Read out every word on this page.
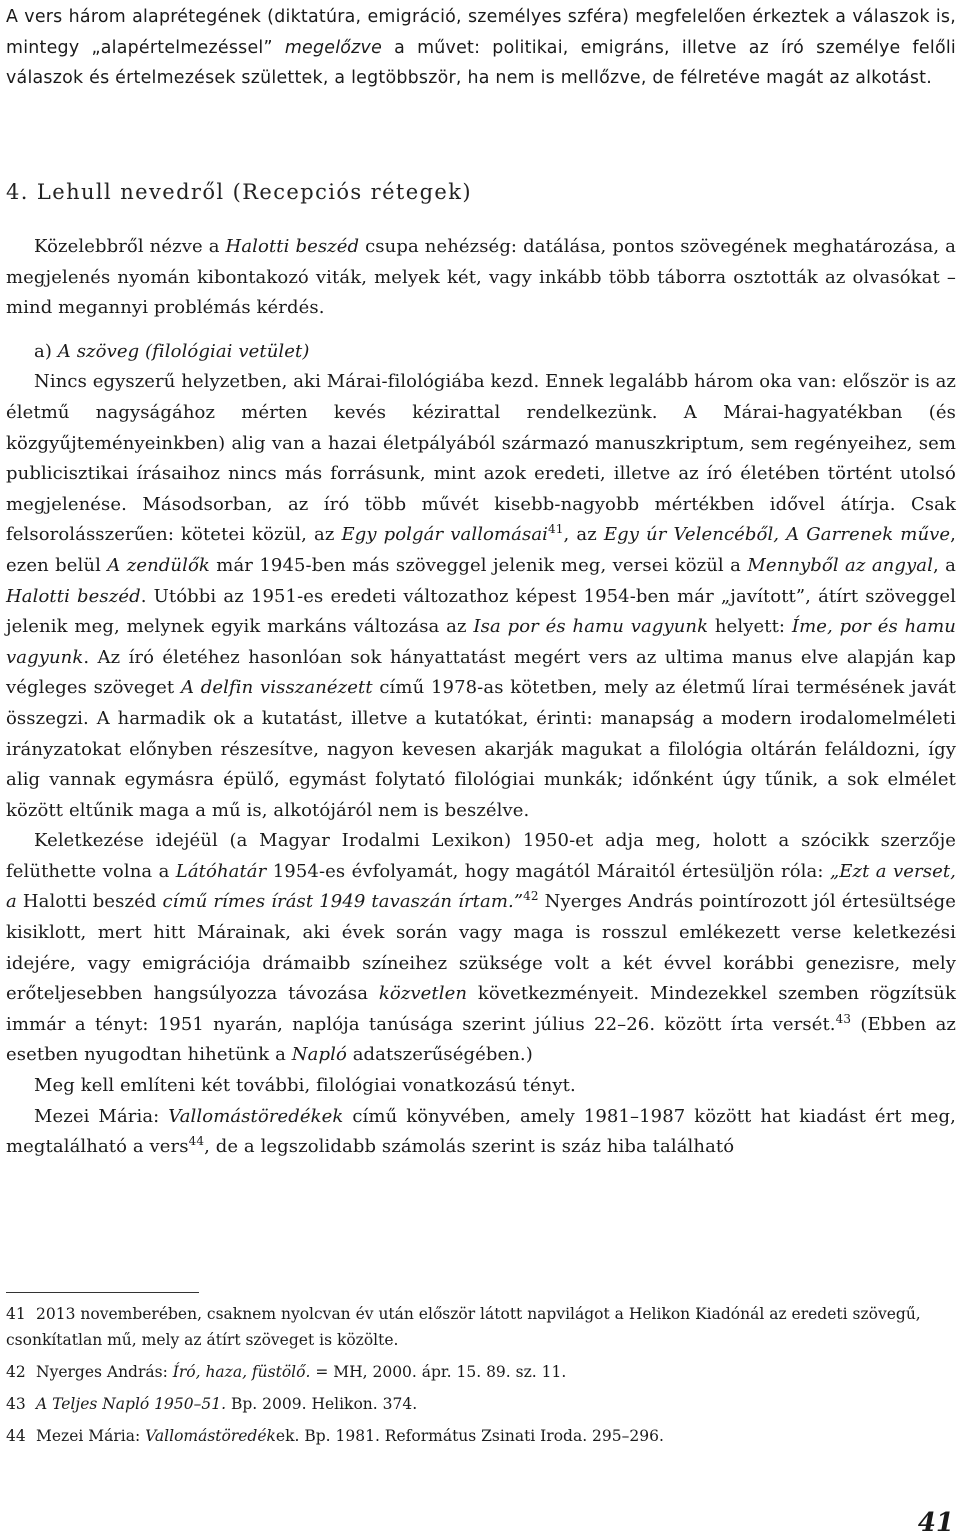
A vers három alaprétegének (diktatúra, emigráció, személyes szféra) megfelelően érkeztek a válaszok is, mintegy „alapértelmezéssel” megelőzve a művet: politikai, emigráns, illetve az író személye felőli válaszok és értelmezések születtek, a legtöbbször, ha nem is mellőzve, de félretéve magát az alkotást.

4. Lehull nevedről (Recepciós rétegek)

Közelebbről nézve a Halotti beszéd csupa nehézség: datálása, pontos szövegének meghatározása, a megjelenés nyomán kibontakozó viták, melyek két, vagy inkább több táborra osztották az olvasókat – mind megannyi problémás kérdés.

a) A szöveg (filológiai vetület)

Nincs egyszerű helyzetben, aki Márai-filológiába kezd. Ennek legalább három oka van: először is az életmű nagyságához mérten kevés kézirattal rendelkezünk. A Márai-hagyatékban (és közgyűjteményeinkben) alig van a hazai életpályából származó manuszkriptum, sem regényeihez, sem publicisztikai írásaihoz nincs más forrásunk, mint azok eredeti, illetve az író életében történt utolsó megjelenése. Másodsorban, az író több művét kisebb-nagyobb mértékben idővel átírja. Csak felsorolásszerűen: kötetei közül, az Egy polgár vallomásai$^{41}$, az Egy úr Velencéből, A Garrenek műve, ezen belül A zendülők már 1945-ben más szöveggel jelenik meg, versei közül a Mennyből az angyal, a Halotti beszéd. Utóbbi az 1951-es eredeti változathoz képest 1954-ben már „javított”, átírt szöveggel jelenik meg, melynek egyik markáns változása az Isa por és hamu vagyunk helyett: Íme, por és hamu vagyunk. Az író életéhez hasonlóan sok hányattatást megért vers az ultima manus elve alapján kap végleges szöveget A delfin visszanézett című 1978-as kötetben, mely az életmű lírai termésének javát összegzi. A harmadik ok a kutatást, illetve a kutatókat, érinti: manapság a modern irodalomelméleti irányzatokat előnyben részesítve, nagyon kevesen akarják magukat a filológia oltárán feláldozni, így alig vannak egymásra épülő, egymást folytató filológiai munkák; időnként úgy tűnik, a sok elmélet között eltűnik maga a mű is, alkotójáról nem is beszélve.

Keletkezése idejéül (a Magyar Irodalmi Lexikon) 1950-et adja meg, holott a szócikk szerzője felüthette volna a Látóhatár 1954-es évfolyamát, hogy magától Máraitól értesüljön róla: „Ezt a verset, a Halotti beszéd című rímes írást 1949 tavaszán írtam.”$^{42}$ Nyerges András pointírozott jól értesültsége kisiklott, mert hitt Márainak, aki évek során vagy maga is rosszul emlékezett verse keletkezési idejére, vagy emigrációja drámaibb színeihez szüksége volt a két évvel korábbi genezisre, mely erőteljesebben hangsúlyozza távozása közvetlen következményeit. Mindezekkel szemben rögzítsük immár a tényt: 1951 nyarán, naplója tanúsága szerint július 22–26. között írta versét.$^{43}$ (Ebben az esetben nyugodtan hihetünk a Napló adatszerűségében.)

Meg kell említeni két további, filológiai vonatkozású tényt.

Mezei Mária: Vallomástöredékek című könyvében, amely 1981–1987 között hat kiadást ért meg, megtalálható a vers$^{44}$, de a legszolidabb számolás szerint is száz hiba található

41 2013 novemberében, csaknem nyolcvan év után először látott napvilágot a Helikon Kiadónál az eredeti szövegű, csonkítatlan mű, mely az átírt szöveget is közölte.

42 Nyerges András: Író, haza, füstölő. = MH, 2000. ápr. 15. 89. sz. 11.

43 A Teljes Napló 1950–51. Bp. 2009. Helikon. 374.

44 Mezei Mária: Vallomástöredékek. Bp. 1981. Református Zsinati Iroda. 295–296.

41
